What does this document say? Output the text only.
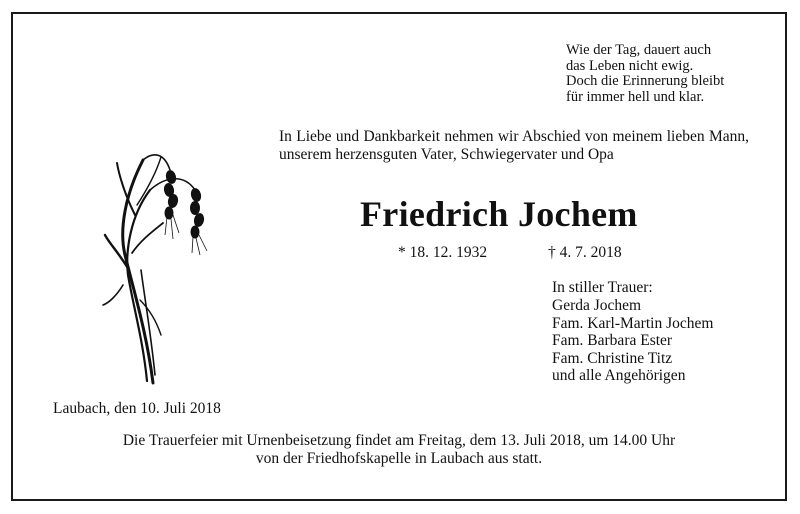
Wie der Tag, dauert auch
das Leben nicht ewig.
Doch die Erinnerung bleibt
für immer hell und klar.
In Liebe und Dankbarkeit nehmen wir Abschied von meinem lieben Mann, unserem herzensguten Vater, Schwiegervater und Opa
Friedrich Jochem
* 18. 12. 1932	† 4. 7. 2018
In stiller Trauer:
Gerda Jochem
Fam. Karl-Martin Jochem
Fam. Barbara Ester
Fam. Christine Titz
und alle Angehörigen
Laubach, den 10. Juli 2018
Die Trauerfeier mit Urnenbeisetzung findet am Freitag, dem 13. Juli 2018, um 14.00 Uhr
von der Friedhofskapelle in Laubach aus statt.
